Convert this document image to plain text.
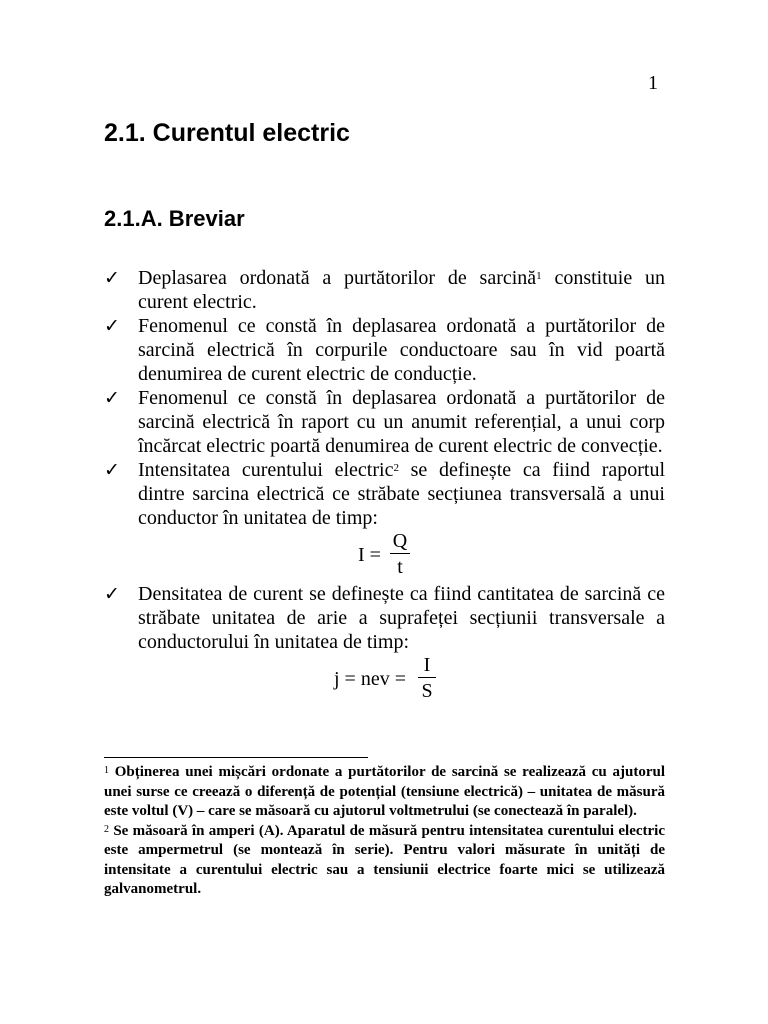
1
2.1. Curentul electric
2.1.A. Breviar
✓ Deplasarea ordonată a purtătorilor de sarcină$^1$ constituie un curent electric.
✓ Fenomenul ce constă în deplasarea ordonată a purtătorilor de sarcină electrică în corpurile conductoare sau în vid poartă denumirea de curent electric de conducție.
✓ Fenomenul ce constă în deplasarea ordonată a purtătorilor de sarcină electrică în raport cu un anumit referențial, a unui corp încărcat electric poartă denumirea de curent electric de convecție.
✓ Intensitatea curentului electric$^2$ se definește ca fiind raportul dintre sarcina electrică ce străbate secțiunea transversală a unui conductor în unitatea de timp:
I =
Q
t
✓ Densitatea de curent se definește ca fiind cantitatea de sarcină ce străbate unitatea de arie a suprafeței secțiunii transversale a conductorului în unitatea de timp:
j = nev =
I
S
$^1$ Obținerea unei mișcări ordonate a purtătorilor de sarcină se realizează cu ajutorul unei surse ce creează o diferență de potențial (tensiune electrică) – unitatea de măsură este voltul (V) – care se măsoară cu ajutorul voltmetrului (se conectează în paralel).
$^2$ Se măsoară în amperi (A). Aparatul de măsură pentru intensitatea curentului electric este ampermetrul (se montează în serie). Pentru valori măsurate în unități de intensitate a curentului electric sau a tensiunii electrice foarte mici se utilizează galvanometrul.
